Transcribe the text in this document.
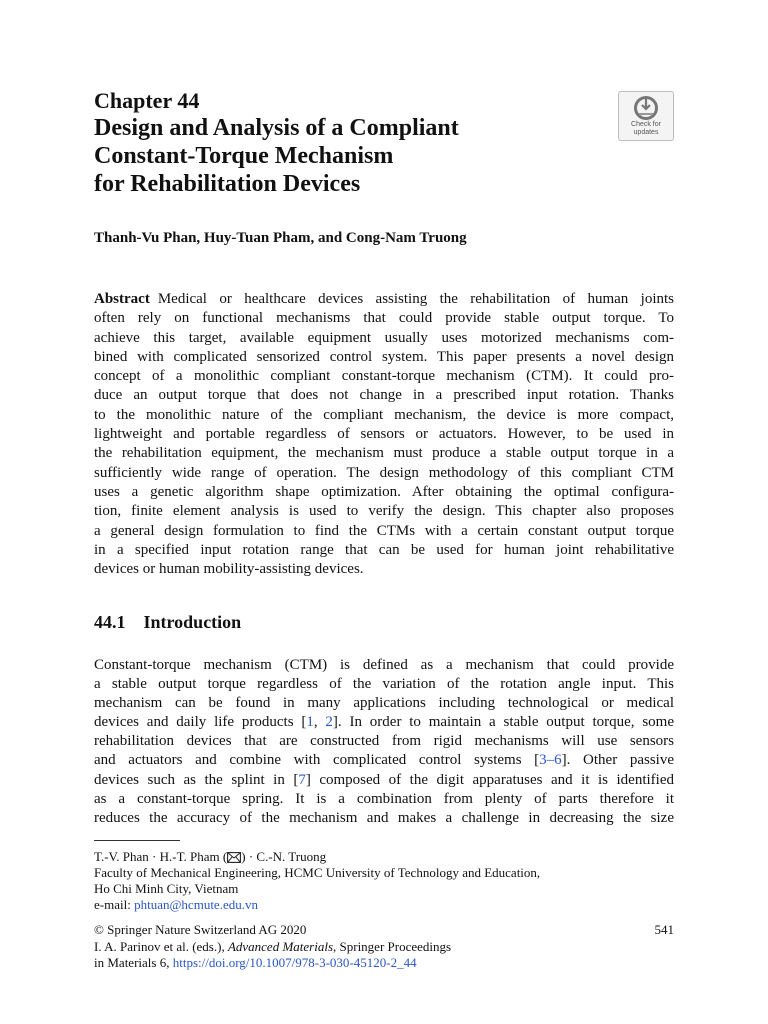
Chapter 44
Design and Analysis of a Compliant
Constant-Torque Mechanism
for Rehabilitation Devices
Check for
updates
Thanh-Vu Phan, Huy-Tuan Pham, and Cong-Nam Truong
Abstract Medical or healthcare devices assisting the rehabilitation of human joints
often rely on functional mechanisms that could provide stable output torque. To
achieve this target, available equipment usually uses motorized mechanisms com-
bined with complicated sensorized control system. This paper presents a novel design
concept of a monolithic compliant constant-torque mechanism (CTM). It could pro-
duce an output torque that does not change in a prescribed input rotation. Thanks
to the monolithic nature of the compliant mechanism, the device is more compact,
lightweight and portable regardless of sensors or actuators. However, to be used in
the rehabilitation equipment, the mechanism must produce a stable output torque in a
sufficiently wide range of operation. The design methodology of this compliant CTM
uses a genetic algorithm shape optimization. After obtaining the optimal configura-
tion, finite element analysis is used to verify the design. This chapter also proposes
a general design formulation to find the CTMs with a certain constant output torque
in a specified input rotation range that can be used for human joint rehabilitative
devices or human mobility-assisting devices.
44.1 Introduction
Constant-torque mechanism (CTM) is defined as a mechanism that could provide
a stable output torque regardless of the variation of the rotation angle input. This
mechanism can be found in many applications including technological or medical
devices and daily life products [1, 2]. In order to maintain a stable output torque, some
rehabilitation devices that are constructed from rigid mechanisms will use sensors
and actuators and combine with complicated control systems [3–6]. Other passive
devices such as the splint in [7] composed of the digit apparatuses and it is identified
as a constant-torque spring. It is a combination from plenty of parts therefore it
reduces the accuracy of the mechanism and makes a challenge in decreasing the size
T.-V. Phan · H.-T. Pham ( ) · C.-N. Truong
Faculty of Mechanical Engineering, HCMC University of Technology and Education,
Ho Chi Minh City, Vietnam
e-mail: phtuan@hcmute.edu.vn
© Springer Nature Switzerland AG 2020	541
I. A. Parinov et al. (eds.), Advanced Materials, Springer Proceedings
in Materials 6, https://doi.org/10.1007/978-3-030-45120-2_44
